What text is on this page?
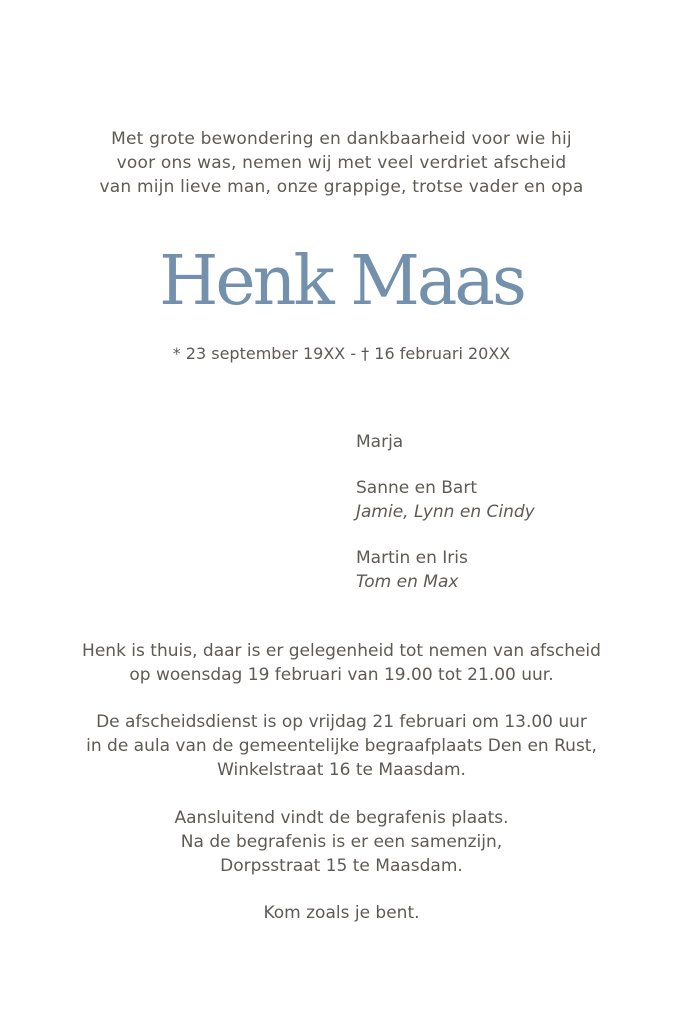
Met grote bewondering en dankbaarheid voor wie hij
voor ons was, nemen wij met veel verdriet afscheid
van mijn lieve man, onze grappige, trotse vader en opa
Henk Maas
* 23 september 19XX - † 16 februari 20XX
Marja
Sanne en Bart
Jamie, Lynn en Cindy
Martin en Iris
Tom en Max
Henk is thuis, daar is er gelegenheid tot nemen van afscheid
op woensdag 19 februari van 19.00 tot 21.00 uur.
De afscheidsdienst is op vrijdag 21 februari om 13.00 uur
in de aula van de gemeentelijke begraafplaats Den en Rust,
Winkelstraat 16 te Maasdam.
Aansluitend vindt de begrafenis plaats.
Na de begrafenis is er een samenzijn,
Dorpsstraat 15 te Maasdam.
Kom zoals je bent.
